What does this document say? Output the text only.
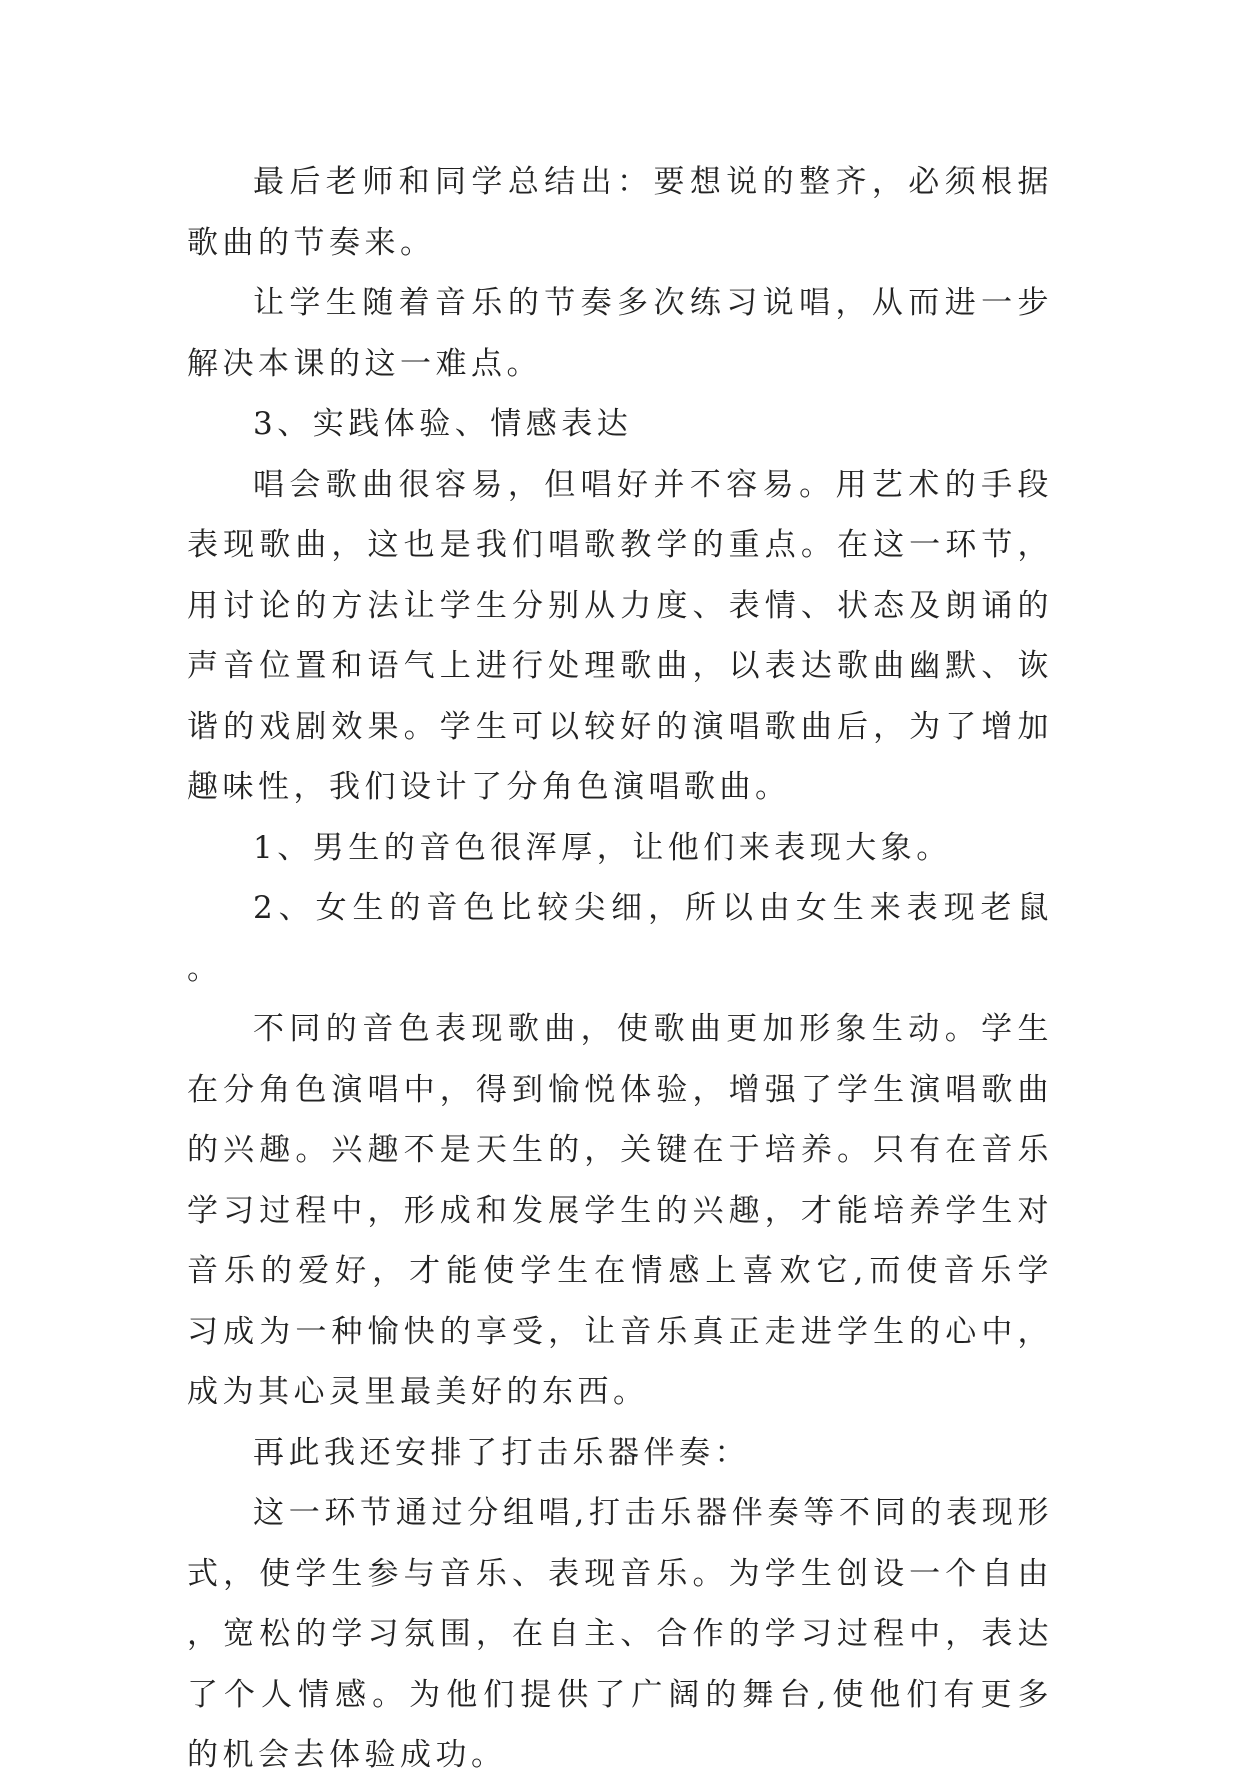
最后老师和同学总结出：要想说的整齐，必须根据歌曲的节奏来。

让学生随着音乐的节奏多次练习说唱，从而进一步解决本课的这一难点。

3、实践体验、情感表达

唱会歌曲很容易，但唱好并不容易。用艺术的手段表现歌曲，这也是我们唱歌教学的重点。在这一环节，用讨论的方法让学生分别从力度、表情、状态及朗诵的声音位置和语气上进行处理歌曲，以表达歌曲幽默、诙谐的戏剧效果。学生可以较好的演唱歌曲后，为了增加趣味性，我们设计了分角色演唱歌曲。

1、男生的音色很浑厚，让他们来表现大象。

2、女生的音色比较尖细，所以由女生来表现老鼠。

不同的音色表现歌曲，使歌曲更加形象生动。学生在分角色演唱中，得到愉悦体验，增强了学生演唱歌曲的兴趣。兴趣不是天生的，关键在于培养。只有在音乐学习过程中，形成和发展学生的兴趣，才能培养学生对音乐的爱好，才能使学生在情感上喜欢它,而使音乐学习成为一种愉快的享受，让音乐真正走进学生的心中，成为其心灵里最美好的东西。

再此我还安排了打击乐器伴奏：

这一环节通过分组唱,打击乐器伴奏等不同的表现形式，使学生参与音乐、表现音乐。为学生创设一个自由，宽松的学习氛围，在自主、合作的学习过程中，表达了个人情感。为他们提供了广阔的舞台,使他们有更多的机会去体验成功。
